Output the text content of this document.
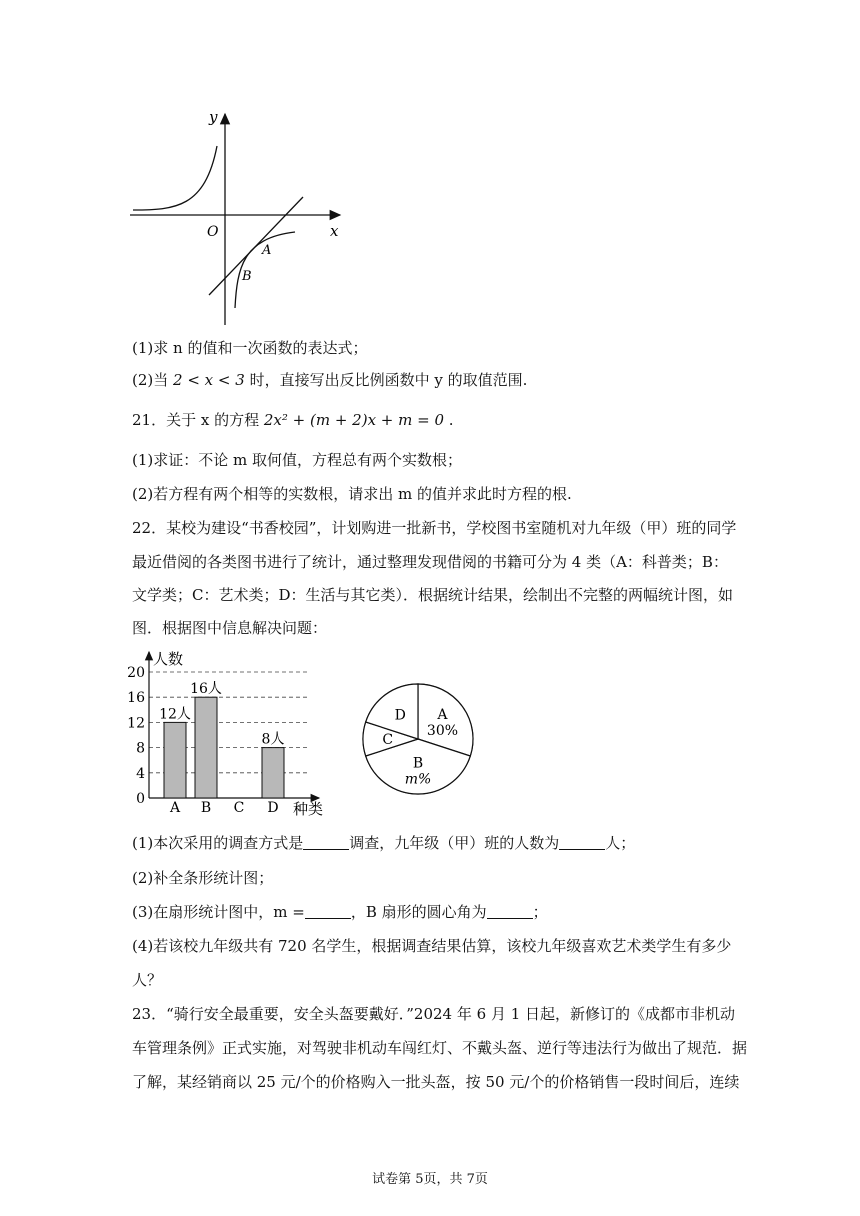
y
x
O
A
B
(1)求 n 的值和一次函数的表达式；
(2)当 2 < x < 3 时，直接写出反比例函数中 y 的取值范围.
21．关于 x 的方程 2x² + (m + 2)x + m = 0 .
(1)求证：不论 m 取何值，方程总有两个实数根；
(2)若方程有两个相等的实数根，请求出 m 的值并求此时方程的根.
22．某校为建设“书香校园”，计划购进一批新书，学校图书室随机对九年级（甲）班的同学
最近借阅的各类图书进行了统计，通过整理发现借阅的书籍可分为 4 类（A：科普类；B：
文学类；C：艺术类；D：生活与其它类）．根据统计结果，绘制出不完整的两幅统计图，如
图．根据图中信息解决问题：
0
4
8
12
16
20
人数
种类
A
12人
B
16人
C D
8人
A
30%
B
m%
C
D
(1)本次采用的调查方式是	调查，九年级（甲）班的人数为	人；
(2)补全条形统计图；
(3)在扇形统计图中，m =	，B 扇形的圆心角为	；
(4)若该校九年级共有 720 名学生，根据调查结果估算，该校九年级喜欢艺术类学生有多少
人？
23．“骑行安全最重要，安全头盔要戴好．”2024 年 6 月 1 日起，新修订的《成都市非机动
车管理条例》正式实施，对驾驶非机动车闯红灯、不戴头盔、逆行等违法行为做出了规范．据
了解，某经销商以 25 元/个的价格购入一批头盔，按 50 元/个的价格销售一段时间后，连续
试卷第 5页，共 7页
